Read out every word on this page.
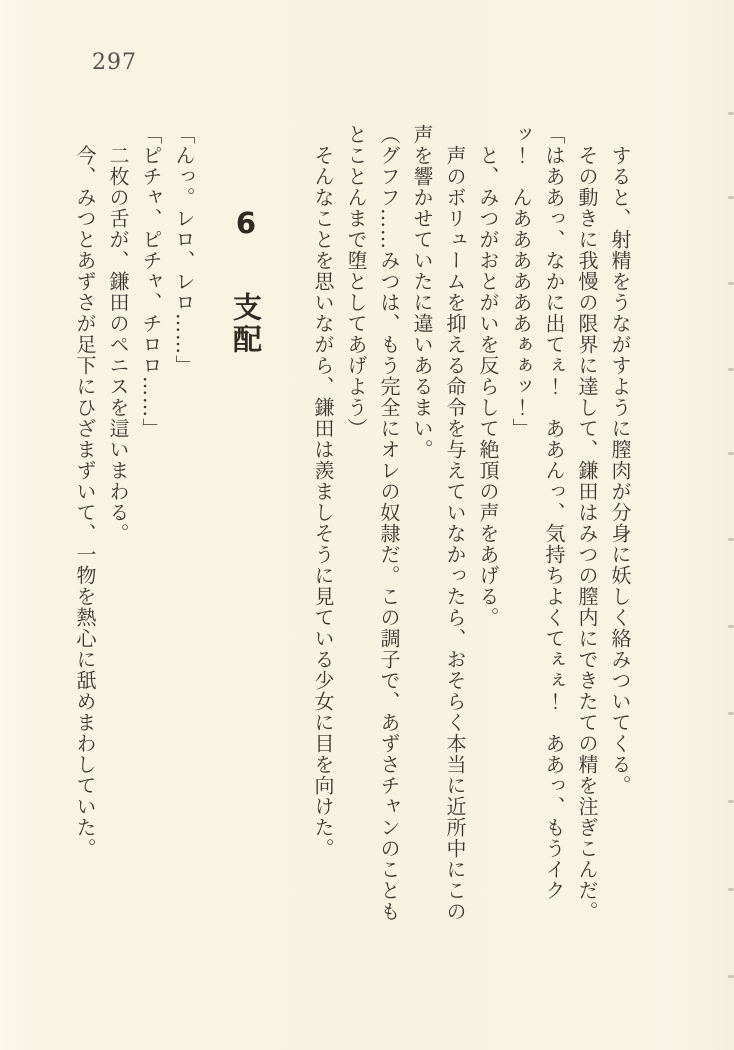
297
すると、射精をうながすように膣肉が分身に妖しく絡みついてくる。
その動きに我慢の限界に達して、鎌田はみつの膣内にできたての精を注ぎこんだ。
「はああっ、なかに出てぇ！　ああんっ、気持ちよくてぇぇ！　ああっ、もうイク
ッ！　んああああああぁぁッ！」
と、みつがおとがいを反らして絶頂の声をあげる。
声のボリュームを抑える命令を与えていなかったら、おそらく本当に近所中にこの
声を響かせていたに違いあるまい。
（グフフ……みつは、もう完全にオレの奴隷だ。この調子で、あずさチャンのことも
とことんまで堕としてあげよう）
そんなことを思いながら、鎌田は羨ましそうに見ている少女に目を向けた。
6 支配
「んっ。レロ、レロ……」
「ピチャ、ピチャ、チロロ……」
二枚の舌が、鎌田のペニスを這いまわる。
今、みつとあずさが足下にひざまずいて、一物を熱心に舐めまわしていた。
